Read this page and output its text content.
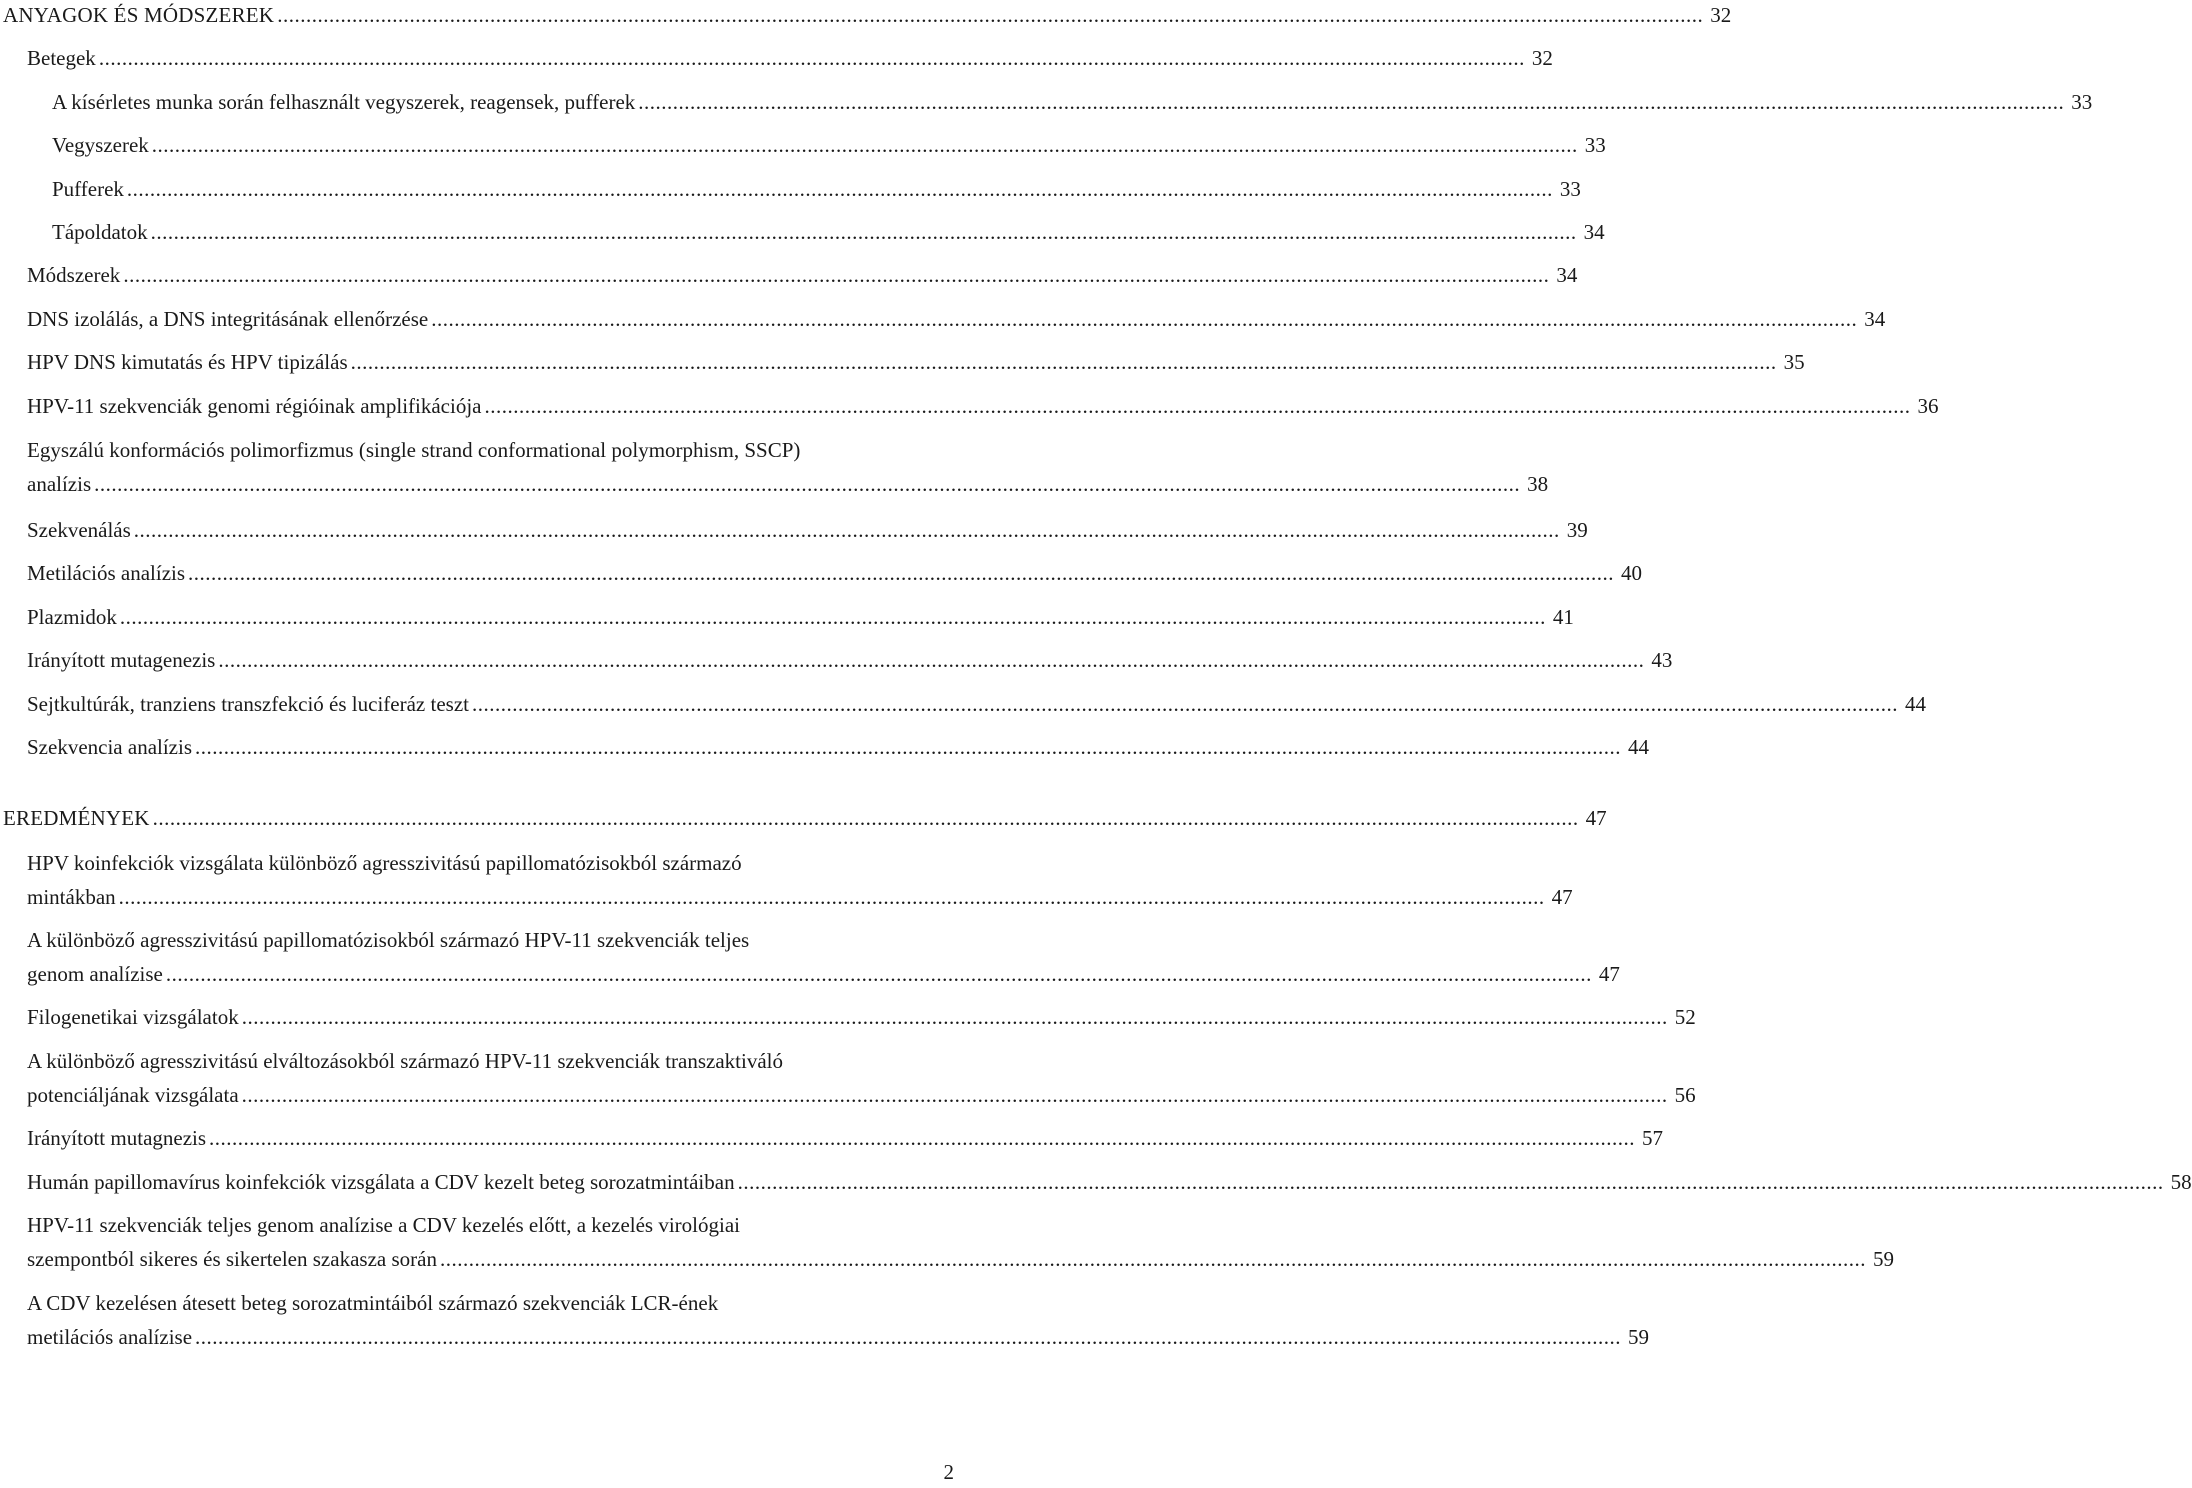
ANYAGOK ÉS MÓDSZEREK .....	32
Betegek .....	32
A kísérletes munka során felhasznált vegyszerek, reagensek, pufferek .....	33
Vegyszerek .....	33
Pufferek .....	33
Tápoldatok .....	34
Módszerek .....	34
DNS izolálás, a DNS integritásának ellenőrzése .....	34
HPV DNS kimutatás és HPV tipizálás .....	35
HPV-11 szekvenciák genomi régióinak amplifikációja .....	36
Egyszálú konformációs polimorfizmus (single strand conformational polymorphism, SSCP)
analízis .....	38
Szekvenálás .....	39
Metilációs analízis .....	40
Plazmidok .....	41
Irányított mutagenezis .....	43
Sejtkultúrák, tranziens transzfekció és luciferáz teszt .....	44
Szekvencia analízis .....	44
EREDMÉNYEK .....	47
HPV koinfekciók vizsgálata különböző agresszivitású papillomatózisokból származó
mintákban .....	47
A különböző agresszivitású papillomatózisokból származó HPV-11 szekvenciák teljes
genom analízise .....	47
Filogenetikai vizsgálatok .....	52
A különböző agresszivitású elváltozásokból származó HPV-11 szekvenciák transzaktiváló
potenciáljának vizsgálata .....	56
Irányított mutagnezis .....	57
Humán papillomavírus koinfekciók vizsgálata a CDV kezelt beteg sorozatmintáiban .....	58
HPV-11 szekvenciák teljes genom analízise a CDV kezelés előtt, a kezelés virológiai
szempontból sikeres és sikertelen szakasza során .....	59
A CDV kezelésen átesett beteg sorozatmintáiból származó szekvenciák LCR-ének
metilációs analízise .....	59
2
